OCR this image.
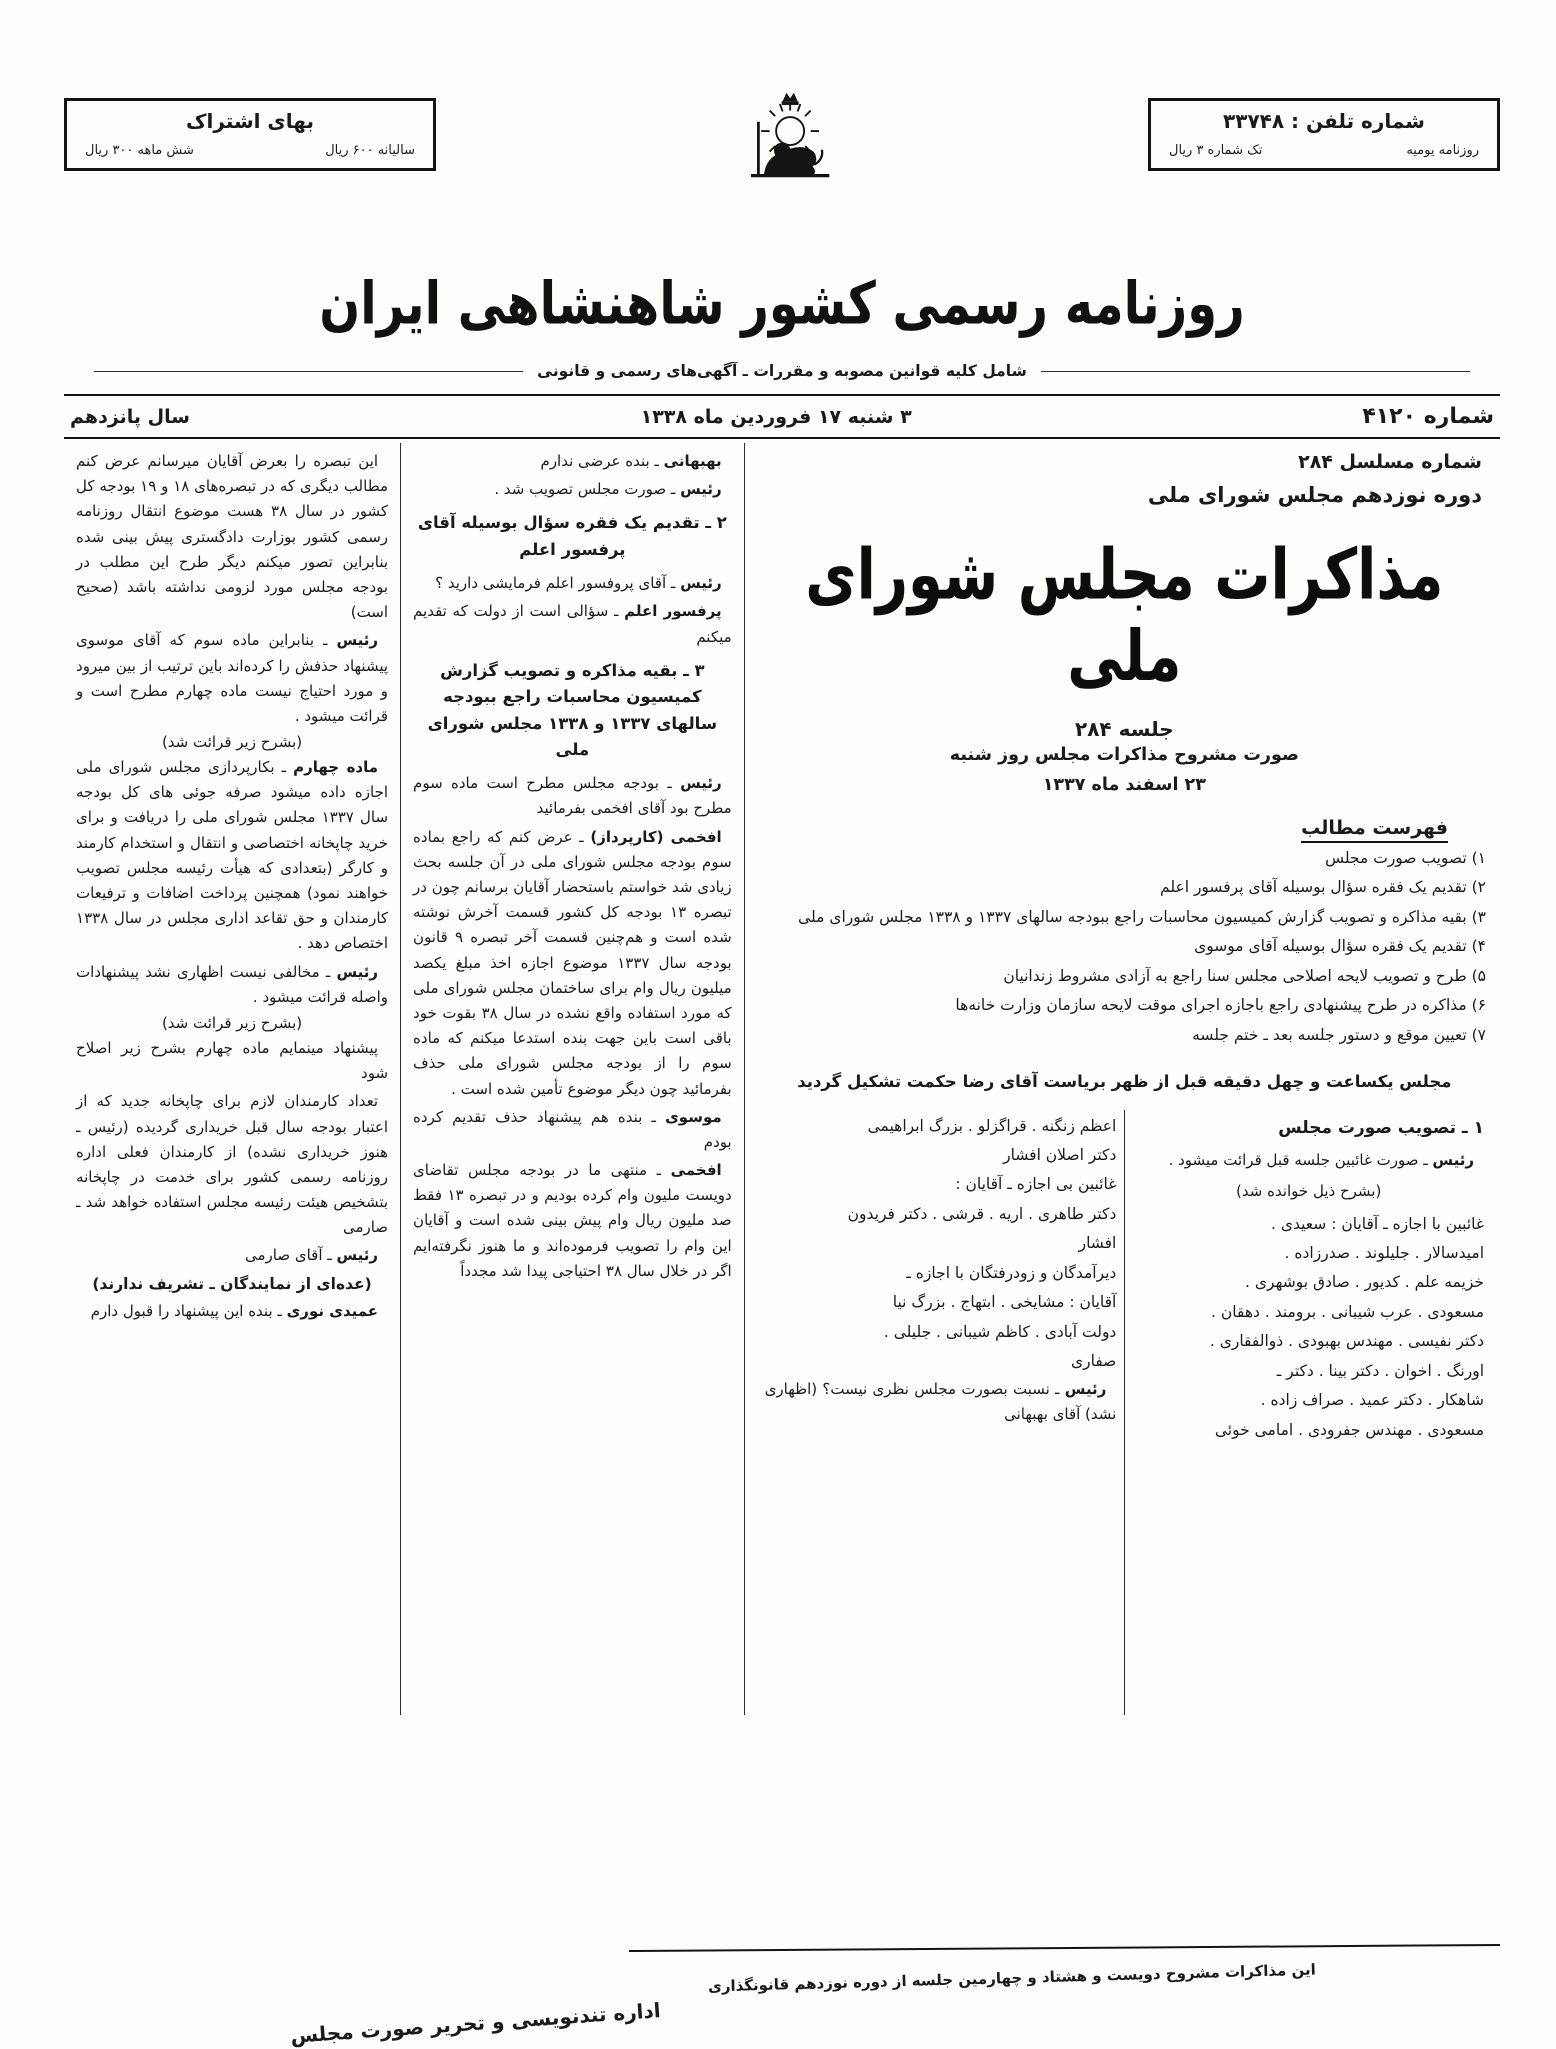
شماره تلفن : ۳۳۷۴۸
روزنامه یومیه
تک شماره ۳ ریال
بهای اشتراک
سالیانه ۶۰۰ ریال
شش ماهه ۳۰۰ ریال
روزنامه رسمی کشور شاهنشاهی ایران
شامل کلیه قوانین مصوبه و مقررات ـ آگهی‌های رسمی و قانونی
شماره ۴۱۲۰
۳ شنبه ۱۷ فروردین ماه ۱۳۳۸
سال پانزدهم
شماره مسلسل ۲۸۴
دوره نوزدهم مجلس شورای ملی
مذاکرات مجلس شورای ملی
جلسه ۲۸۴
صورت مشروح مذاکرات مجلس روز شنبه
۲۳ اسفند ماه ۱۳۳۷
فهرست مطالب
۱) تصویب صورت مجلس
۲) تقدیم یک فقره سؤال بوسیله آقای پرفسور اعلم
۳) بقیه مذاکره و تصویب گزارش کمیسیون محاسبات راجع ببودجه سالهای ۱۳۳۷ و ۱۳۳۸ مجلس شورای ملی
۴) تقدیم یک فقره سؤال بوسیله آقای موسوی
۵) طرح و تصویب لایحه اصلاحی مجلس سنا راجع به آزادی مشروط زندانیان
۶) مذاکره در طرح پیشنهادی راجع باجازه اجرای موقت لایحه سازمان وزارت خانه‌ها
۷) تعیین موقع و دستور جلسه بعد ـ ختم جلسه
مجلس یکساعت و چهل دقیقه قبل از ظهر بریاست آقای رضا حکمت تشکیل گردید
۱ ـ تصویب صورت مجلس

رئیس ـ صورت غائبین جلسه قبل قرائت میشود .

(بشرح ذیل خوانده شد)
غائبین با اجازه ـ آقایان : سعیدی .
امیدسالار . جلیلوند . صدرزاده .
خزیمه علم . کدیور . صادق بوشهری .
مسعودی . عرب شیبانی . برومند . دهقان .
دکتر نفیسی . مهندس بهبودی . ذوالفقاری .
اورنگ . اخوان . دکتر بینا . دکتر ـ
شاهکار . دکتر عمید . صراف زاده .
مسعودی . مهندس جفرودی . امامی خوئی
اعظم زنگنه . قراگزلو . بزرگ ابراهیمی
دکتر اصلان افشار
غائبین بی اجازه ـ آقایان :
دکتر طاهری . اریه . قرشی . دکتر فریدون
افشار
دیرآمدگان و زودرفتگان با اجازه ـ
آقایان : مشایخی . ابتهاج . بزرگ نیا
دولت آبادی . کاظم شیبانی . جلیلی .
صفاری

رئیس ـ نسبت بصورت مجلس نظری نیست؟ (اظهاری نشد) آقای بهبهانی

بهبهانی ـ بنده عرضی ندارم

رئیس ـ صورت مجلس تصویب شد .

۲ ـ تقدیم یک فقره سؤال بوسیله آقای پرفسور اعلم

رئیس ـ آقای پروفسور اعلم فرمایشی دارید ؟

پرفسور اعلم ـ سؤالی است از دولت که تقدیم میکنم

۳ ـ بقیه مذاکره و تصویب گزارش کمیسیون محاسبات راجع ببودجه سالهای ۱۳۳۷ و ۱۳۳۸ مجلس شورای ملی

رئیس ـ بودجه مجلس مطرح است ماده سوم مطرح بود آقای افخمی بفرمائید

افخمی (کارپرداز) ـ عرض کنم که راجع بماده سوم بودجه مجلس شورای ملی در آن جلسه بحث زیادی شد خواستم باستحضار آقایان برسانم چون در تبصره ۱۳ بودجه کل کشور قسمت آخرش نوشته شده است و هم‌چنین قسمت آخر تبصره ۹ قانون بودجه سال ۱۳۳۷ موضوع اجازه اخذ مبلغ یکصد میلیون ریال وام برای ساختمان مجلس شورای ملی که مورد استفاده واقع نشده در سال ۳۸ بقوت خود باقی است باین جهت بنده استدعا میکنم که ماده سوم را از بودجه مجلس شورای ملی حذف بفرمائید چون دیگر موضوع تأمین شده است .

موسوی ـ بنده هم پیشنهاد حذف تقدیم کرده بودم

افخمی ـ منتهی ما در بودجه مجلس تقاضای دویست ملیون وام کرده بودیم و در تبصره ۱۳ فقط صد ملیون ریال وام پیش بینی شده است و آقایان این وام را تصویب فرموده‌اند و ما هنوز نگرفته‌ایم اگر در خلال سال ۳۸ احتیاجی پیدا شد مجدداً

این تبصره را بعرض آقایان میرسانم عرض کنم مطالب دیگری که در تبصره‌های ۱۸ و ۱۹ بودجه کل کشور در سال ۳۸ هست موضوع انتقال روزنامه رسمی کشور بوزارت دادگستری پیش بینی شده بنابراین تصور میکنم دیگر طرح این مطلب در بودجه مجلس مورد لزومی نداشته باشد (صحیح است)

رئیس ـ بنابراین ماده سوم که آقای موسوی پیشنهاد حذفش را کرده‌اند باین ترتیب از بین میرود و مورد احتیاج نیست ماده چهارم مطرح است و قرائت میشود .

(بشرح زیر قرائت شد)

ماده چهارم ـ بکارپردازی مجلس شورای ملی اجازه داده میشود صرفه جوئی های کل بودجه سال ۱۳۳۷ مجلس شورای ملی را دریافت و برای خرید چاپخانه اختصاصی و انتقال و استخدام کارمند و کارگر (بتعدادی که هیأت رئیسه مجلس تصویب خواهند نمود) همچنین پرداخت اضافات و ترفیعات کارمندان و حق تقاعد اداری مجلس در سال ۱۳۳۸ اختصاص دهد .

رئیس ـ مخالفی نیست اظهاری نشد پیشنهادات واصله قرائت میشود .

(بشرح زیر قرائت شد)

پیشنهاد مینمایم ماده چهارم بشرح زیر اصلاح شود

تعداد کارمندان لازم برای چاپخانه جدید که از اعتبار بودجه سال قبل خریداری گردیده (رئیس ـ هنوز خریداری نشده) از کارمندان فعلی اداره روزنامه رسمی کشور برای خدمت در چاپخانه بتشخیص هیئت رئیسه مجلس استفاده خواهد شد ـ صارمی

رئیس ـ آقای صارمی

(عده‌ای از نمایندگان ـ تشریف ندارند)

عمیدی نوری ـ بنده این پیشنهاد را قبول دارم

این مذاکرات مشروح دویست و هشتاد و چهارمین جلسه از دوره نوزدهم قانونگذاری
اداره تندنویسی و تحریر صورت مجلس
